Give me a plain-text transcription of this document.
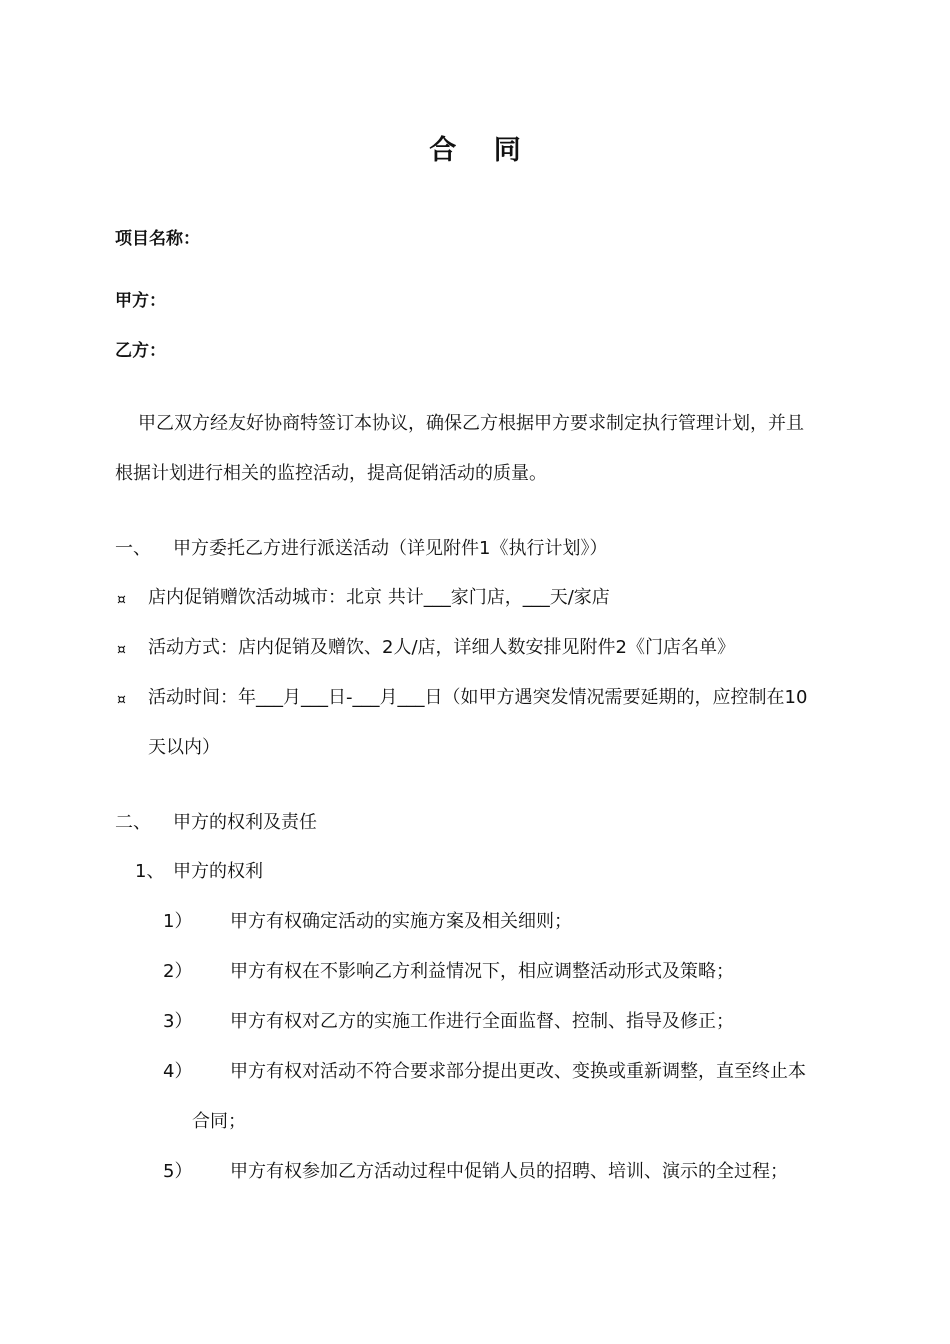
合 同
项目名称：
甲方：
乙方：
甲乙双方经友好协商特签订本协议，确保乙方根据甲方要求制定执行管理计划，并且
根据计划进行相关的监控活动，提高促销活动的质量。
一、 甲方委托乙方进行派送活动（详见附件1《执行计划》）
¤ 店内促销赠饮活动城市：北京 共计___家门店，___天/家店
¤ 活动方式：店内促销及赠饮、2人/店，详细人数安排见附件2《门店名单》
¤ 活动时间：年___月___日-___月___日（如甲方遇突发情况需要延期的，应控制在10
天以内）
二、 甲方的权利及责任
1、 甲方的权利
1） 甲方有权确定活动的实施方案及相关细则；
2） 甲方有权在不影响乙方利益情况下，相应调整活动形式及策略；
3） 甲方有权对乙方的实施工作进行全面监督、控制、指导及修正；
4） 甲方有权对活动不符合要求部分提出更改、变换或重新调整，直至终止本
合同；
5） 甲方有权参加乙方活动过程中促销人员的招聘、培训、演示的全过程；
